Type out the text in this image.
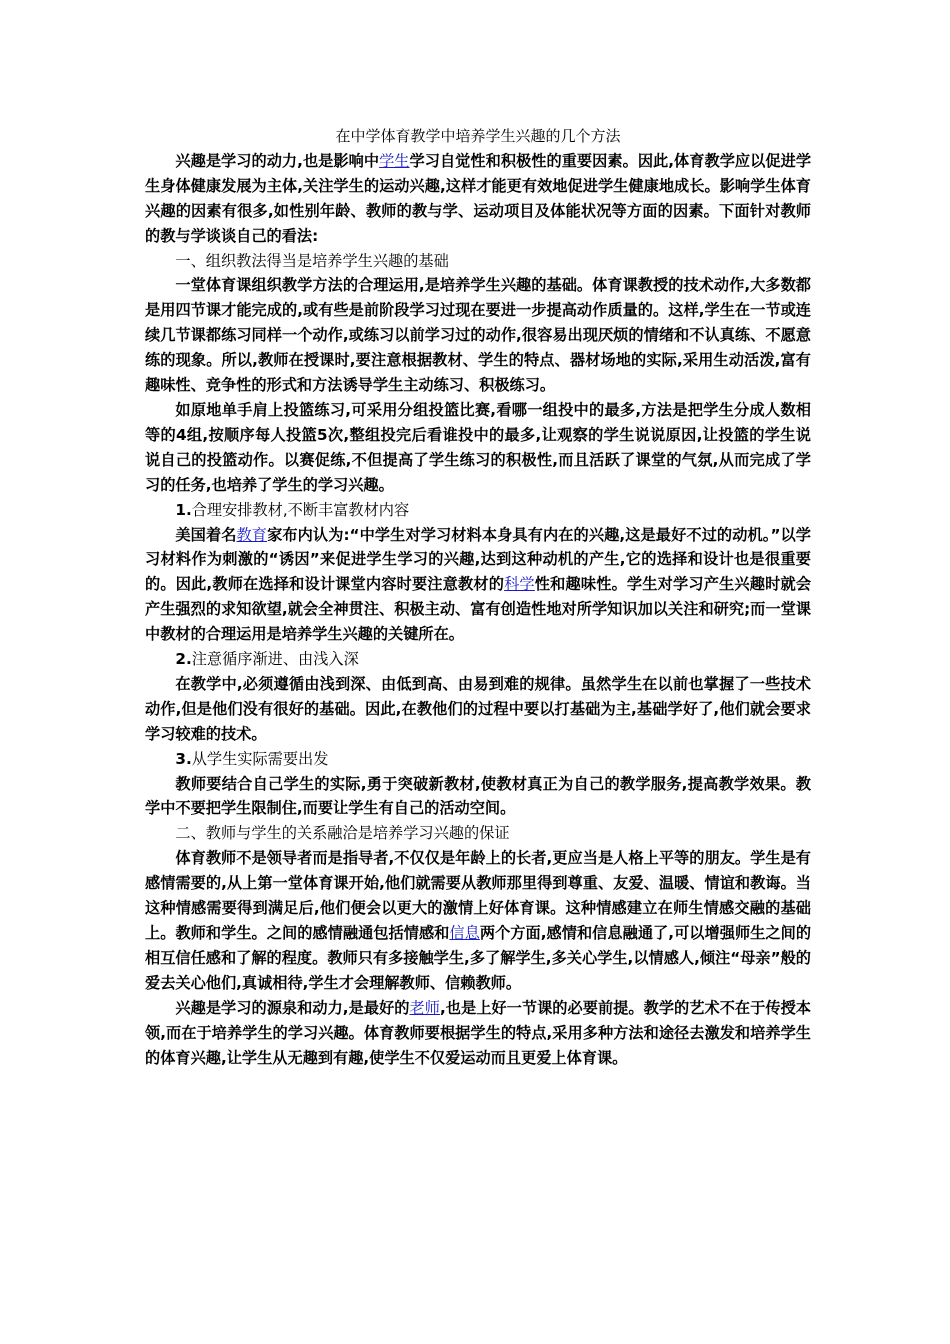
在中学体育教学中培养学生兴趣的几个方法

兴趣是学习的动力,也是影响中学生学习自觉性和积极性的重要因素。因此,体育教学应以促进学生身体健康发展为主体,关注学生的运动兴趣,这样才能更有效地促进学生健康地成长。影响学生体育兴趣的因素有很多,如性别年龄、教师的教与学、运动项目及体能状况等方面的因素。下面针对教师的教与学谈谈自己的看法:

一、组织教法得当是培养学生兴趣的基础

一堂体育课组织教学方法的合理运用,是培养学生兴趣的基础。体育课教授的技术动作,大多数都是用四节课才能完成的,或有些是前阶段学习过现在要进一步提高动作质量的。这样,学生在一节或连续几节课都练习同样一个动作,或练习以前学习过的动作,很容易出现厌烦的情绪和不认真练、不愿意练的现象。所以,教师在授课时,要注意根据教材、学生的特点、器材场地的实际,采用生动活泼,富有趣味性、竞争性的形式和方法诱导学生主动练习、积极练习。

如原地单手肩上投篮练习,可采用分组投篮比赛,看哪一组投中的最多,方法是把学生分成人数相等的4组,按顺序每人投篮5次,整组投完后看谁投中的最多,让观察的学生说说原因,让投篮的学生说说自己的投篮动作。以赛促练,不但提高了学生练习的积极性,而且活跃了课堂的气氛,从而完成了学习的任务,也培养了学生的学习兴趣。

1.合理安排教材,不断丰富教材内容

美国着名教育家布内认为:“中学生对学习材料本身具有内在的兴趣,这是最好不过的动机。”以学习材料作为刺激的“诱因”来促进学生学习的兴趣,达到这种动机的产生,它的选择和设计也是很重要的。因此,教师在选择和设计课堂内容时要注意教材的科学性和趣味性。学生对学习产生兴趣时就会产生强烈的求知欲望,就会全神贯注、积极主动、富有创造性地对所学知识加以关注和研究;而一堂课中教材的合理运用是培养学生兴趣的关键所在。

2.注意循序渐进、由浅入深

在教学中,必须遵循由浅到深、由低到高、由易到难的规律。虽然学生在以前也掌握了一些技术动作,但是他们没有很好的基础。因此,在教他们的过程中要以打基础为主,基础学好了,他们就会要求学习较难的技术。

3.从学生实际需要出发

教师要结合自己学生的实际,勇于突破新教材,使教材真正为自己的教学服务,提高教学效果。教学中不要把学生限制住,而要让学生有自己的活动空间。

二、教师与学生的关系融洽是培养学习兴趣的保证

体育教师不是领导者而是指导者,不仅仅是年龄上的长者,更应当是人格上平等的朋友。学生是有感情需要的,从上第一堂体育课开始,他们就需要从教师那里得到尊重、友爱、温暖、情谊和教诲。当这种情感需要得到满足后,他们便会以更大的激情上好体育课。这种情感建立在师生情感交融的基础上。教师和学生。之间的感情融通包括情感和信息两个方面,感情和信息融通了,可以增强师生之间的相互信任感和了解的程度。教师只有多接触学生,多了解学生,多关心学生,以情感人,倾注“母亲”般的爱去关心他们,真诚相待,学生才会理解教师、信赖教师。

兴趣是学习的源泉和动力,是最好的老师,也是上好一节课的必要前提。教学的艺术不在于传授本领,而在于培养学生的学习兴趣。体育教师要根据学生的特点,采用多种方法和途径去激发和培养学生的体育兴趣,让学生从无趣到有趣,使学生不仅爱运动而且更爱上体育课。
